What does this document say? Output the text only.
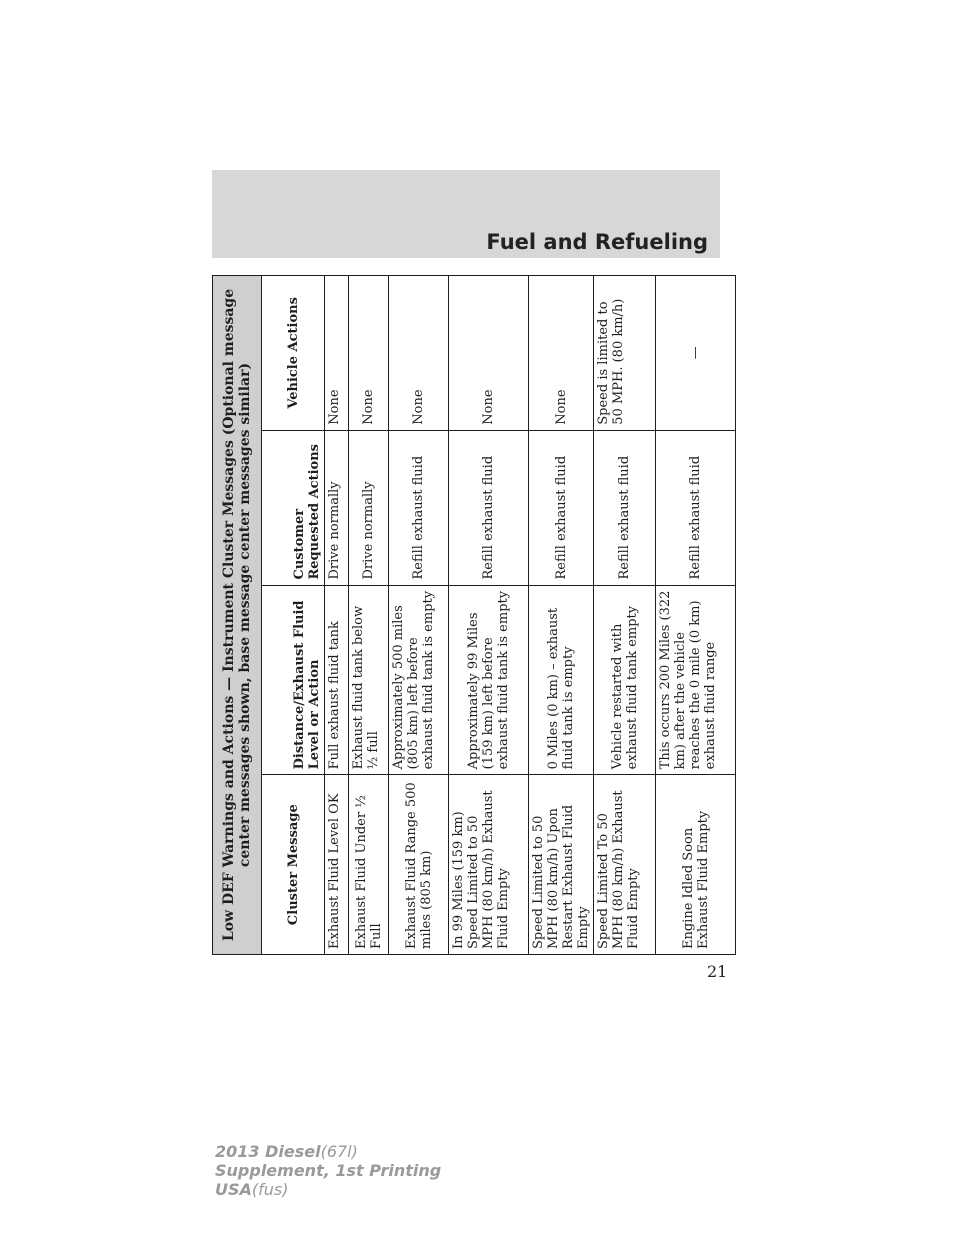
Fuel and Refueling
Low DEF Warnings and Actions — Instrument Cluster Messages (Optional message center messages shown, base message center messages similar)			
Cluster Message	Distance/Exhaust Fluid Level or Action	Customer Requested Actions	Vehicle Actions
Exhaust Fluid Level OK	Full exhaust fluid tank	Drive normally	None
Exhaust Fluid Under ½ Full	Exhaust fluid tank below ½ full	Drive normally	None
Exhaust Fluid Range 500 miles (805 km)	Approximately 500 miles (805 km) left before exhaust fluid tank is empty	Refill exhaust fluid	None
In 99 Miles (159 km) Speed Limited to 50 MPH (80 km/h) Exhaust Fluid Empty	Approximately 99 Miles (159 km) left before exhaust fluid tank is empty	Refill exhaust fluid	None
Speed Limited to 50 MPH (80 km/h) Upon Restart Exhaust Fluid Empty	0 Miles (0 km) – exhaust fluid tank is empty	Refill exhaust fluid	None
Speed Limited To 50 MPH (80 km/h) Exhaust Fluid Empty	Vehicle restarted with exhaust fluid tank empty	Refill exhaust fluid	Speed is limited to 50 MPH. (80 km/h)
Engine Idled Soon Exhaust Fluid Empty	This occurs 200 Miles (322 km) after the vehicle reaches the 0 mile (0 km) exhaust fluid range	Refill exhaust fluid	—
21
2013 Diesel(67l)
Supplement, 1st Printing
USA(fus)
